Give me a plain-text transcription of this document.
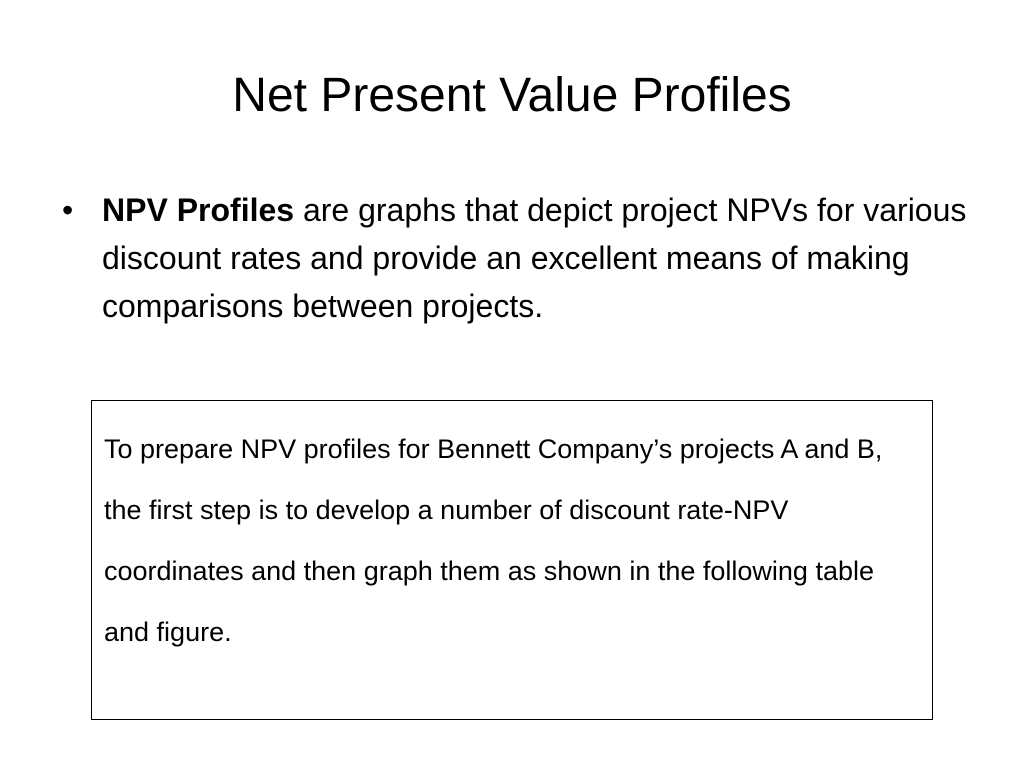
Net Present Value Profiles
• NPV Profiles are graphs that depict project NPVs for various discount rates and provide an excellent means of making comparisons between projects.

To prepare NPV profiles for Bennett Company’s projects A and B, the first step is to develop a number of discount rate-NPV coordinates and then graph them as shown in the following table and figure.
